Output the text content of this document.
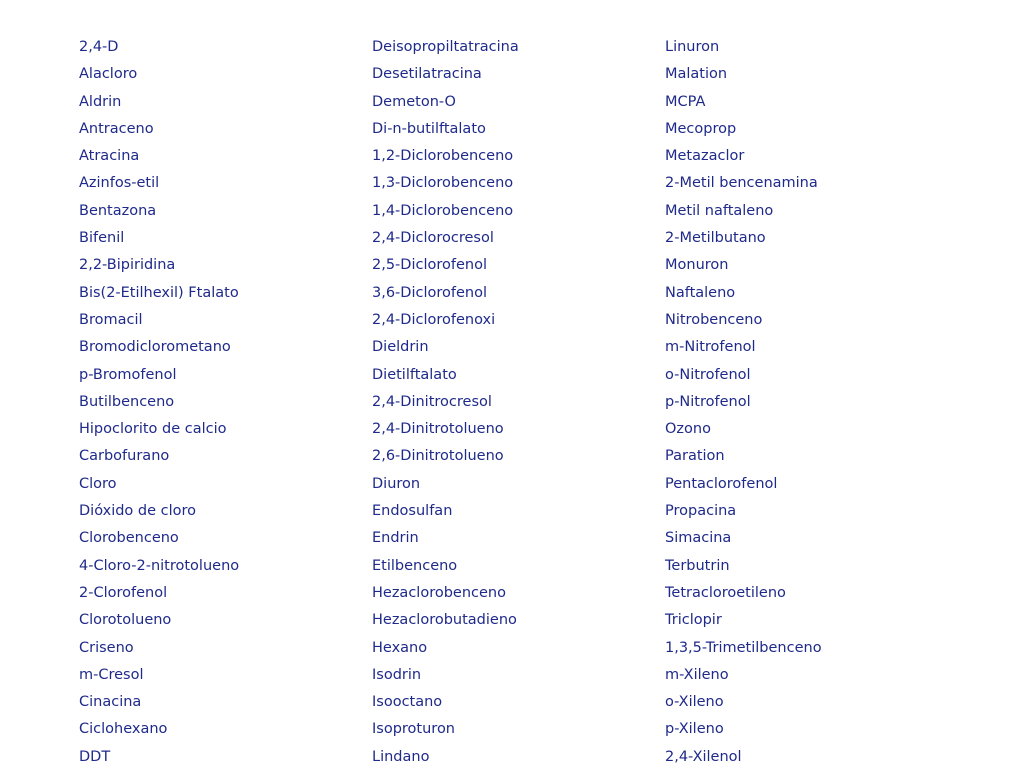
2,4-D
Alacloro
Aldrin
Antraceno
Atracina
Azinfos-etil
Bentazona
Bifenil
2,2-Bipiridina
Bis(2-Etilhexil) Ftalato
Bromacil
Bromodiclorometano
p-Bromofenol
Butilbenceno
Hipoclorito de calcio
Carbofurano
Cloro
Dióxido de cloro
Clorobenceno
4-Cloro-2-nitrotolueno
2-Clorofenol
Clorotolueno
Criseno
m-Cresol
Cinacina
Ciclohexano
DDT
Deisopropiltatracina
Desetilatracina
Demeton-O
Di-n-butilftalato
1,2-Diclorobenceno
1,3-Diclorobenceno
1,4-Diclorobenceno
2,4-Diclorocresol
2,5-Diclorofenol
3,6-Diclorofenol
2,4-Diclorofenoxi
Dieldrin
Dietilftalato
2,4-Dinitrocresol
2,4-Dinitrotolueno
2,6-Dinitrotolueno
Diuron
Endosulfan
Endrin
Etilbenceno
Hezaclorobenceno
Hezaclorobutadieno
Hexano
Isodrin
Isooctano
Isoproturon
Lindano
Linuron
Malation
MCPA
Mecoprop
Metazaclor
2-Metil bencenamina
Metil naftaleno
2-Metilbutano
Monuron
Naftaleno
Nitrobenceno
m-Nitrofenol
o-Nitrofenol
p-Nitrofenol
Ozono
Paration
Pentaclorofenol
Propacina
Simacina
Terbutrin
Tetracloroetileno
Triclopir
1,3,5-Trimetilbenceno
m-Xileno
o-Xileno
p-Xileno
2,4-Xilenol
